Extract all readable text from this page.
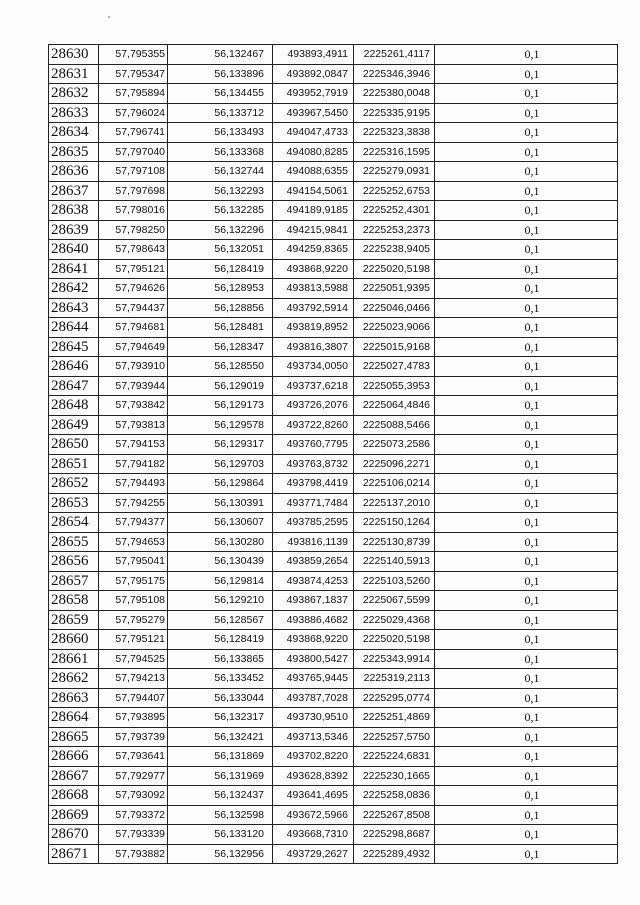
28630	57,795355	56,132467	493893,4911	2225261,4117	0,1
28631	57,795347	56,133896	493892,0847	2225346,3946	0,1
28632	57,795894	56,134455	493952,7919	2225380,0048	0,1
28633	57,796024	56,133712	493967,5450	2225335,9195	0,1
28634	57,796741	56,133493	494047,4733	2225323,3838	0,1
28635	57,797040	56,133368	494080,8285	2225316,1595	0,1
28636	57,797108	56,132744	494088,6355	2225279,0931	0,1
28637	57,797698	56,132293	494154,5061	2225252,6753	0,1
28638	57,798016	56,132285	494189,9185	2225252,4301	0,1
28639	57,798250	56,132296	494215,9841	2225253,2373	0,1
28640	57,798643	56,132051	494259,8365	2225238,9405	0,1
28641	57,795121	56,128419	493868,9220	2225020,5198	0,1
28642	57,794626	56,128953	493813,5988	2225051,9395	0,1
28643	57,794437	56,128856	493792,5914	2225046,0466	0,1
28644	57,794681	56,128481	493819,8952	2225023,9066	0,1
28645	57,794649	56,128347	493816,3807	2225015,9168	0,1
28646	57,793910	56,128550	493734,0050	2225027,4783	0,1
28647	57,793944	56,129019	493737,6218	2225055,3953	0,1
28648	57,793842	56,129173	493726,2076	2225064,4846	0,1
28649	57,793813	56,129578	493722,8260	2225088,5466	0,1
28650	57,794153	56,129317	493760,7795	2225073,2586	0,1
28651	57,794182	56,129703	493763,8732	2225096,2271	0,1
28652	57,794493	56,129864	493798,4419	2225106,0214	0,1
28653	57,794255	56,130391	493771,7484	2225137,2010	0,1
28654	57,794377	56,130607	493785,2595	2225150,1264	0,1
28655	57,794653	56,130280	493816,1139	2225130,8739	0,1
28656	57,795041	56,130439	493859,2654	2225140,5913	0,1
28657	57,795175	56,129814	493874,4253	2225103,5260	0,1
28658	57,795108	56,129210	493867,1837	2225067,5599	0,1
28659	57,795279	56,128567	493886,4682	2225029,4368	0,1
28660	57,795121	56,128419	493868,9220	2225020,5198	0,1
28661	57,794525	56,133865	493800,5427	2225343,9914	0,1
28662	57,794213	56,133452	493765,9445	2225319,2113	0,1
28663	57,794407	56,133044	493787,7028	2225295,0774	0,1
28664	57,793895	56,132317	493730,9510	2225251,4869	0,1
28665	57,793739	56,132421	493713,5346	2225257,5750	0,1
28666	57,793641	56,131869	493702,8220	2225224,6831	0,1
28667	57,792977	56,131969	493628,8392	2225230,1665	0,1
28668	57,793092	56,132437	493641,4695	2225258,0836	0,1
28669	57,793372	56,132598	493672,5966	2225267,8508	0,1
28670	57,793339	56,133120	493668,7310	2225298,8687	0,1
28671	57,793882	56,132956	493729,2627	2225289,4932	0,1
